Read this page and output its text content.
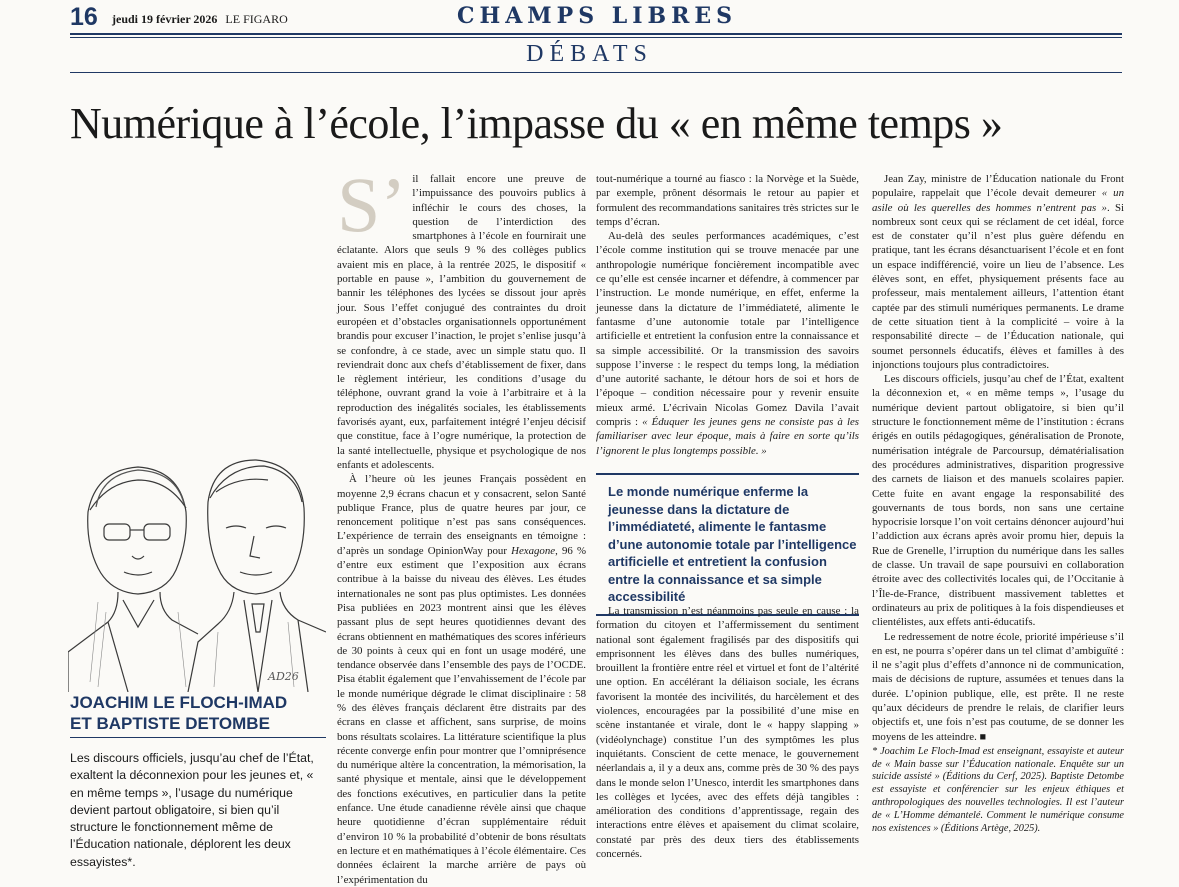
16 jeudi 19 février 2026 LE FIGARO	CHAMPS LIBRES
DÉBATS
Numérique à l’école, l’impasse du « en même temps »
AD26
JOACHIM LE FLOCH-IMAD
ET BAPTISTE DETOMBE
Les discours officiels, jusqu’au chef de l’État, exaltent la déconnexion pour les jeunes et, « en même temps », l’usage du numérique devient partout obligatoire, si bien qu’il structure le fonctionnement même de l’Éducation nationale, déplorent les deux essayistes*.
S’ il fallait encore une preuve de l’impuissance des pouvoirs publics à infléchir le cours des choses, la question de l’interdiction des smartphones à l’école en fournirait une éclatante. Alors que seuls 9 % des collèges publics avaient mis en place, à la rentrée 2025, le dispositif « portable en pause », l’ambition du gouvernement de bannir les téléphones des lycées se dissout jour après jour. Sous l’effet conjugué des contraintes du droit européen et d’obstacles organisationnels opportunément brandis pour excuser l’inaction, le projet s’enlise jusqu’à se confondre, à ce stade, avec un simple statu quo. Il reviendrait donc aux chefs d’établissement de fixer, dans le règlement intérieur, les conditions d’usage du téléphone, ouvrant grand la voie à l’arbitraire et à la reproduction des inégalités sociales, les établissements favorisés ayant, eux, parfaitement intégré l’enjeu décisif que constitue, face à l’ogre numérique, la protection de la santé intellectuelle, physique et psychologique de nos enfants et adolescents.

À l’heure où les jeunes Français possèdent en moyenne 2,9 écrans chacun et y consacrent, selon Santé publique France, plus de quatre heures par jour, ce renoncement politique n’est pas sans conséquences. L’expérience de terrain des enseignants en témoigne : d’après un sondage OpinionWay pour Hexagone, 96 % d’entre eux estiment que l’exposition aux écrans contribue à la baisse du niveau des élèves. Les études internationales ne sont pas plus optimistes. Les données Pisa publiées en 2023 montrent ainsi que les élèves passant plus de sept heures quotidiennes devant des écrans obtiennent en mathématiques des scores inférieurs de 30 points à ceux qui en font un usage modéré, une tendance observée dans l’ensemble des pays de l’OCDE. Pisa établit également que l’envahissement de l’école par le monde numérique dégrade le climat disciplinaire : 58 % des élèves français déclarent être distraits par des écrans en classe et affichent, sans surprise, de moins bons résultats scolaires. La littérature scientifique la plus récente converge enfin pour montrer que l’omniprésence du numérique altère la concentration, la mémorisation, la santé physique et mentale, ainsi que le développement des fonctions exécutives, en particulier dans la petite enfance. Une étude canadienne révèle ainsi que chaque heure quotidienne d’écran supplémentaire réduit d’environ 10 % la probabilité d’obtenir de bons résultats en lecture et en mathématiques à l’école élémentaire. Ces données éclairent la marche arrière de pays où l’expérimentation du

tout-numérique a tourné au fiasco : la Norvège et la Suède, par exemple, prônent désormais le retour au papier et formulent des recommandations sanitaires très strictes sur le temps d’écran.

Au-delà des seules performances académiques, c’est l’école comme institution qui se trouve menacée par une anthropologie numérique foncièrement incompatible avec ce qu’elle est censée incarner et défendre, à commencer par l’instruction. Le monde numérique, en effet, enferme la jeunesse dans la dictature de l’immédiateté, alimente le fantasme d’une autonomie totale par l’intelligence artificielle et entretient la confusion entre la connaissance et sa simple accessibilité. Or la transmission des savoirs suppose l’inverse : le respect du temps long, la médiation d’une autorité sachante, le détour hors de soi et hors de l’époque – condition nécessaire pour y revenir ensuite mieux armé. L’écrivain Nicolas Gomez Davila l’avait compris : « Éduquer les jeunes gens ne consiste pas à les familiariser avec leur époque, mais à faire en sorte qu’ils l’ignorent le plus longtemps possible. »

Le monde numérique enferme la jeunesse dans la dictature de l’immédiateté, alimente le fantasme d’une autonomie totale par l’intelligence artificielle et entretient la confusion entre la connaissance et sa simple accessibilité

La transmission n’est néanmoins pas seule en cause : la formation du citoyen et l’affermissement du sentiment national sont également fragilisés par des dispositifs qui emprisonnent les élèves dans des bulles numériques, brouillent la frontière entre réel et virtuel et font de l’altérité une option. En accélérant la déliaison sociale, les écrans favorisent la montée des incivilités, du harcèlement et des violences, encouragées par la possibilité d’une mise en scène instantanée et virale, dont le « happy slapping » (vidéolynchage) constitue l’un des symptômes les plus inquiétants. Conscient de cette menace, le gouvernement néerlandais a, il y a deux ans, comme près de 30 % des pays dans le monde selon l’Unesco, interdit les smartphones dans les collèges et lycées, avec des effets déjà tangibles : amélioration des conditions d’apprentissage, regain des interactions entre élèves et apaisement du climat scolaire, constaté par près des deux tiers des établissements concernés.

Jean Zay, ministre de l’Éducation nationale du Front populaire, rappelait que l’école devait demeurer « un asile où les querelles des hommes n’entrent pas ». Si nombreux sont ceux qui se réclament de cet idéal, force est de constater qu’il n’est plus guère défendu en pratique, tant les écrans désanctuarisent l’école et en font un espace indifférencié, voire un lieu de l’absence. Les élèves sont, en effet, physiquement présents face au professeur, mais mentalement ailleurs, l’attention étant captée par des stimuli numériques permanents. Le drame de cette situation tient à la complicité – voire à la responsabilité directe – de l’Éducation nationale, qui soumet personnels éducatifs, élèves et familles à des injonctions toujours plus contradictoires.

Les discours officiels, jusqu’au chef de l’État, exaltent la déconnexion et, « en même temps », l’usage du numérique devient partout obligatoire, si bien qu’il structure le fonctionnement même de l’institution : écrans érigés en outils pédagogiques, généralisation de Pronote, numérisation intégrale de Parcoursup, dématérialisation des procédures administratives, disparition progressive des carnets de liaison et des manuels scolaires papier. Cette fuite en avant engage la responsabilité des gouvernants de tous bords, non sans une certaine hypocrisie lorsque l’on voit certains dénoncer aujourd’hui l’addiction aux écrans après avoir promu hier, depuis la Rue de Grenelle, l’irruption du numérique dans les salles de classe. Un travail de sape poursuivi en collaboration étroite avec des collectivités locales qui, de l’Occitanie à l’Île-de-France, distribuent massivement tablettes et ordinateurs au prix de politiques à la fois dispendieuses et clientélistes, aux effets anti-éducatifs.

Le redressement de notre école, priorité impérieuse s’il en est, ne pourra s’opérer dans un tel climat d’ambiguïté : il ne s’agit plus d’effets d’annonce ni de communication, mais de décisions de rupture, assumées et tenues dans la durée. L’opinion publique, elle, est prête. Il ne reste qu’aux décideurs de prendre le relais, de clarifier leurs objectifs et, une fois n’est pas coutume, de se donner les moyens de les atteindre. ■

* Joachim Le Floch-Imad est enseignant, essayiste et auteur de « Main basse sur l’Éducation nationale. Enquête sur un suicide assisté » (Éditions du Cerf, 2025). Baptiste Detombe est essayiste et conférencier sur les enjeux éthiques et anthropologiques des nouvelles technologies. Il est l’auteur de « L’Homme démantelé. Comment le numérique consume nos existences » (Éditions Artège, 2025).
